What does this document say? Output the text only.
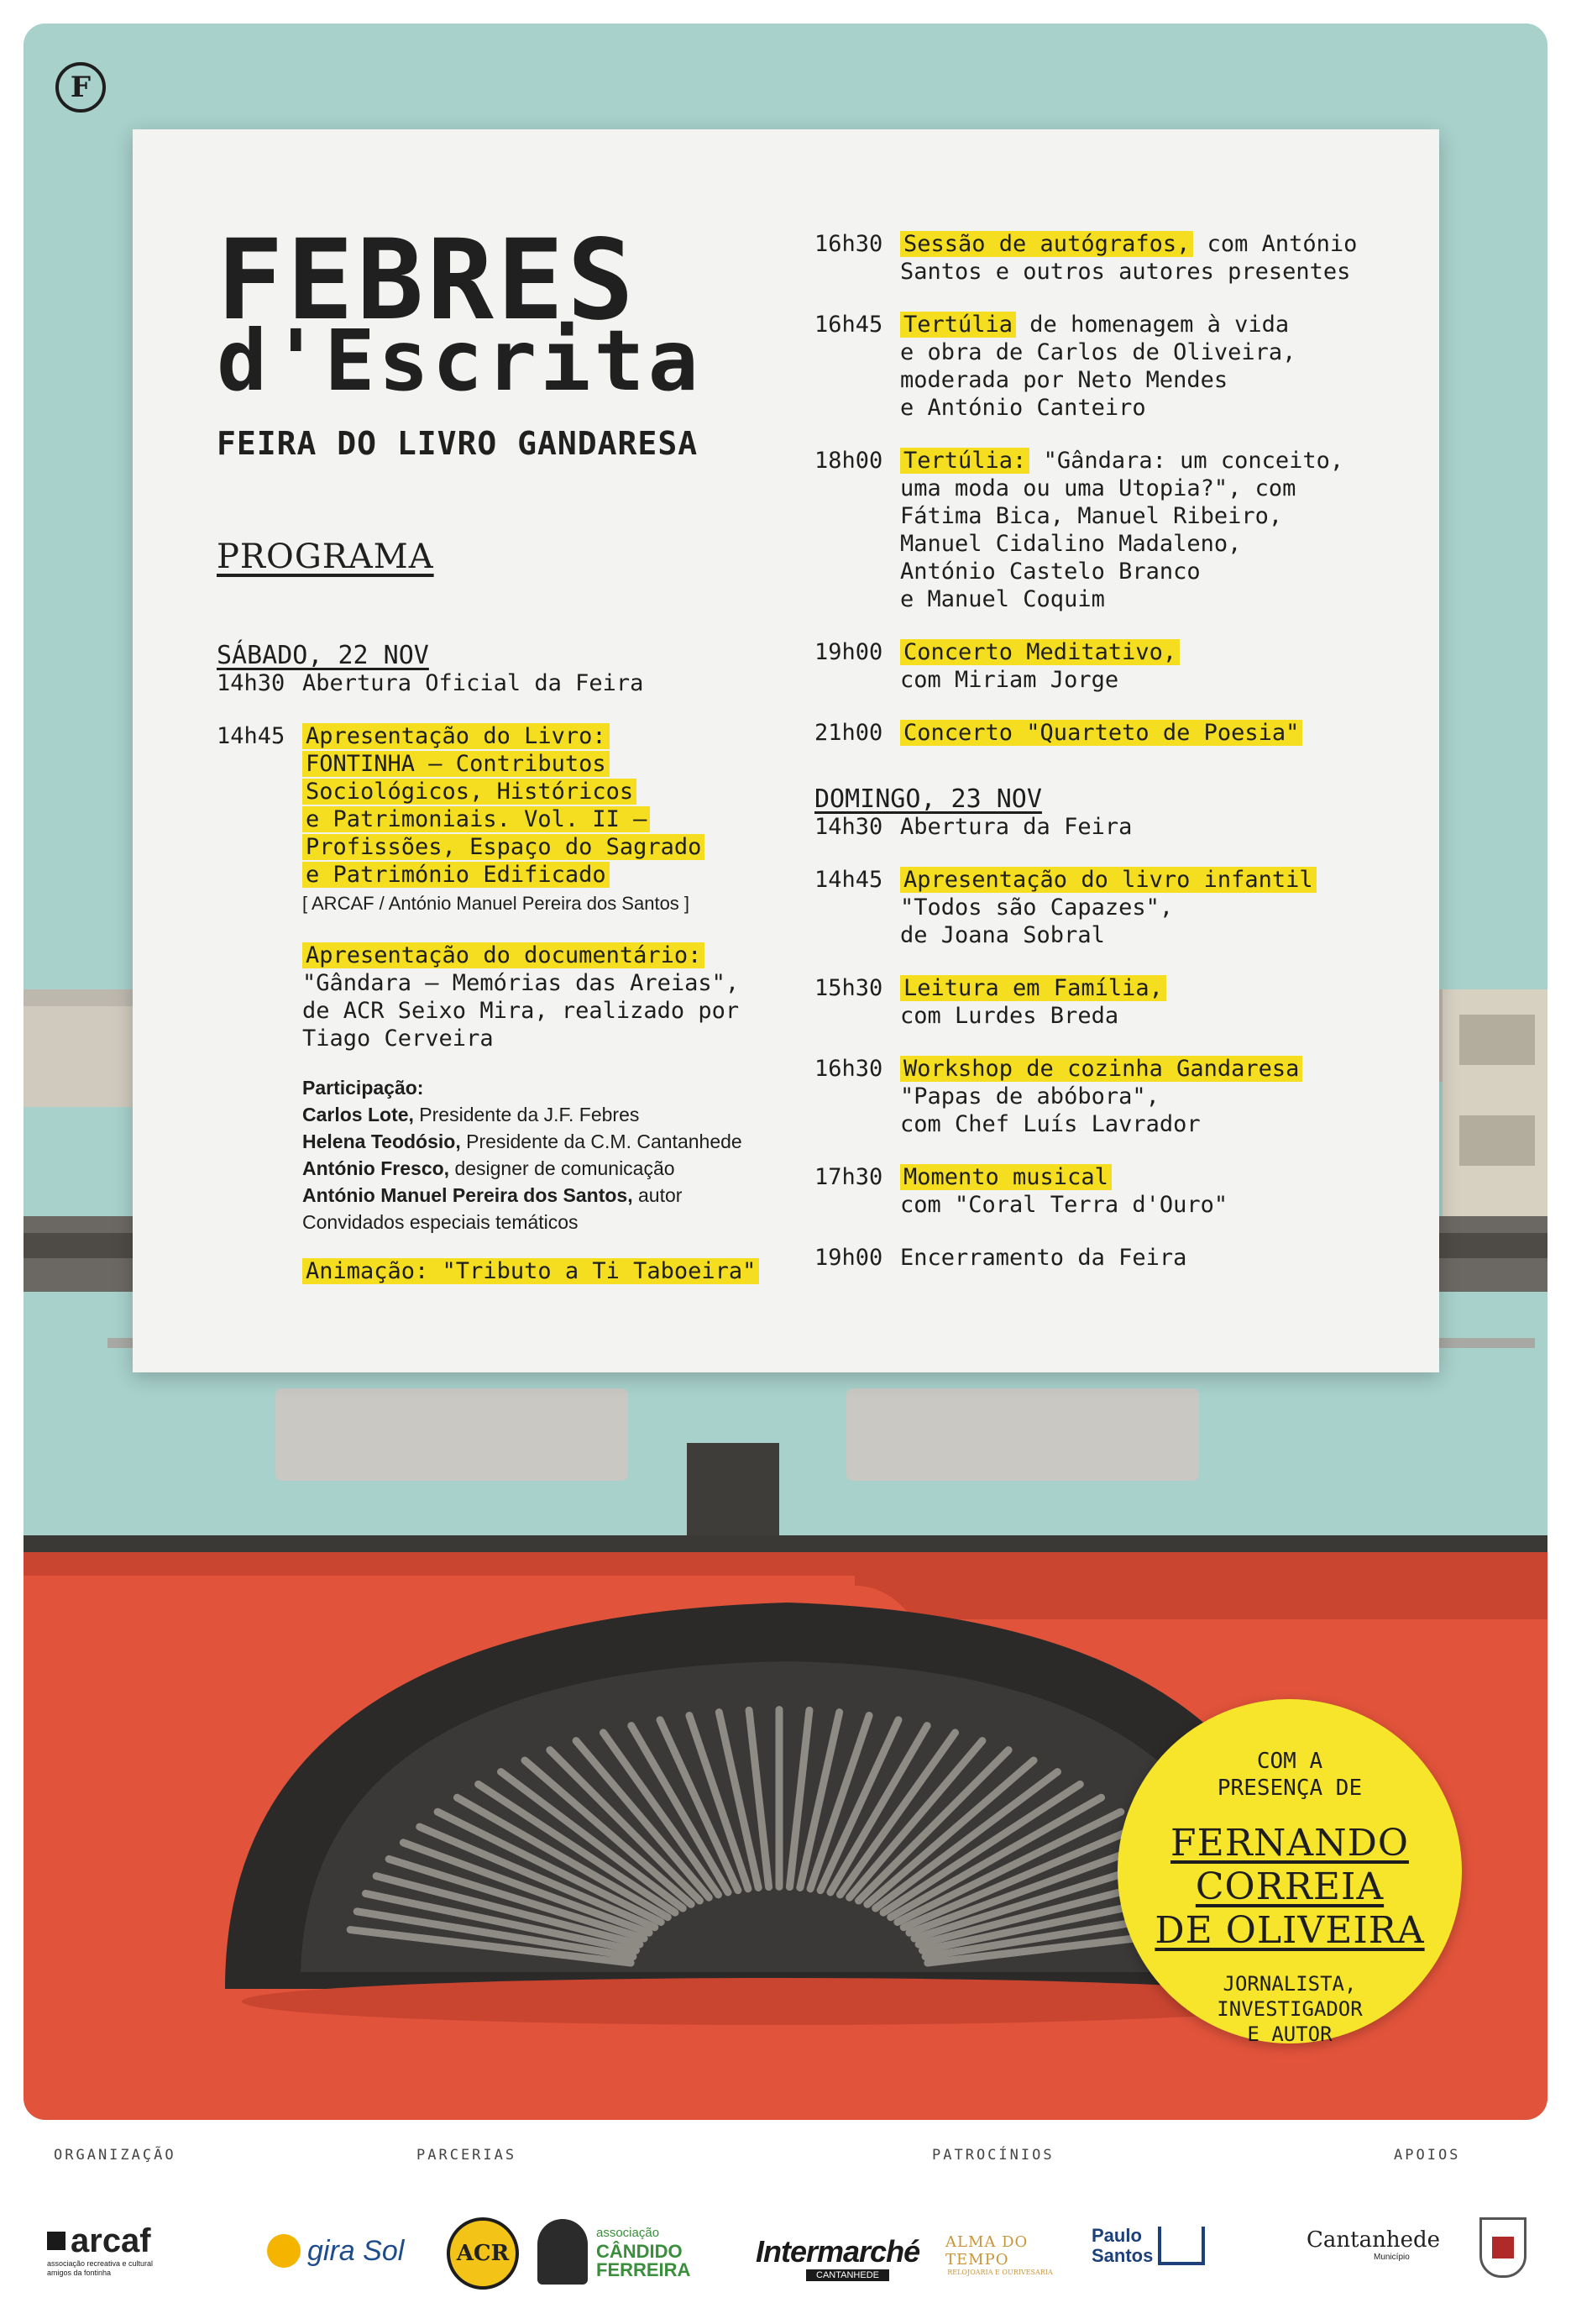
F
FEBRES
d'Escrita
FEIRA DO LIVRO GANDARESA
PROGRAMA

SÁBADO, 22 NOV

14h30 Abertura Oficial da Feira
14h45 Apresentação do Livro:
FONTINHA – Contributos
Sociológicos, Históricos
e Patrimoniais. Vol. II –
Profissões, Espaço do Sagrado
e Património Edificado
[ ARCAF / António Manuel Pereira dos Santos ]
Apresentação do documentário:
"Gândara – Memórias das Areias",
de ACR Seixo Mira, realizado por
Tiago Cerveira
Participação:
Carlos Lote, Presidente da J.F. Febres
Helena Teodósio, Presidente da C.M. Cantanhede
António Fresco, designer de comunicação
António Manuel Pereira dos Santos, autor
Convidados especiais temáticos
Animação: "Tributo a Ti Taboeira"
16h30 Sessão de autógrafos, com António
Santos e outros autores presentes
16h45 Tertúlia de homenagem à vida
e obra de Carlos de Oliveira,
moderada por Neto Mendes
e António Canteiro
18h00 Tertúlia: "Gândara: um conceito,
uma moda ou uma Utopia?", com
Fátima Bica, Manuel Ribeiro,
Manuel Cidalino Madaleno,
António Castelo Branco
e Manuel Coquim
19h00 Concerto Meditativo,
com Miriam Jorge
21h00 Concerto "Quarteto de Poesia"

DOMINGO, 23 NOV

14h30 Abertura da Feira
14h45 Apresentação do livro infantil
"Todos são Capazes",
de Joana Sobral
15h30 Leitura em Família,
com Lurdes Breda
16h30 Workshop de cozinha Gandaresa
"Papas de abóbora",
com Chef Luís Lavrador
17h30 Momento musical
com "Coral Terra d'Ouro"
19h00 Encerramento da Feira
COM A
PRESENÇA DE
FERNANDO
CORREIA
DE OLIVEIRA
JORNALISTA,
INVESTIGADOR
E AUTOR
ORGANIZAÇÃO	PARCERIAS	PATROCÍNIOS	APOIOS
arcaf
associação recreativa e cultural amigos da fontinha
gira Sol ACR
associação
CÂNDIDO
FERREIRA
Intermarché
CANTANHEDE
ALMA DO TEMPO
RELOJOARIA E OURIVESARIA
Paulo
Santos
Cantanhede
Município
